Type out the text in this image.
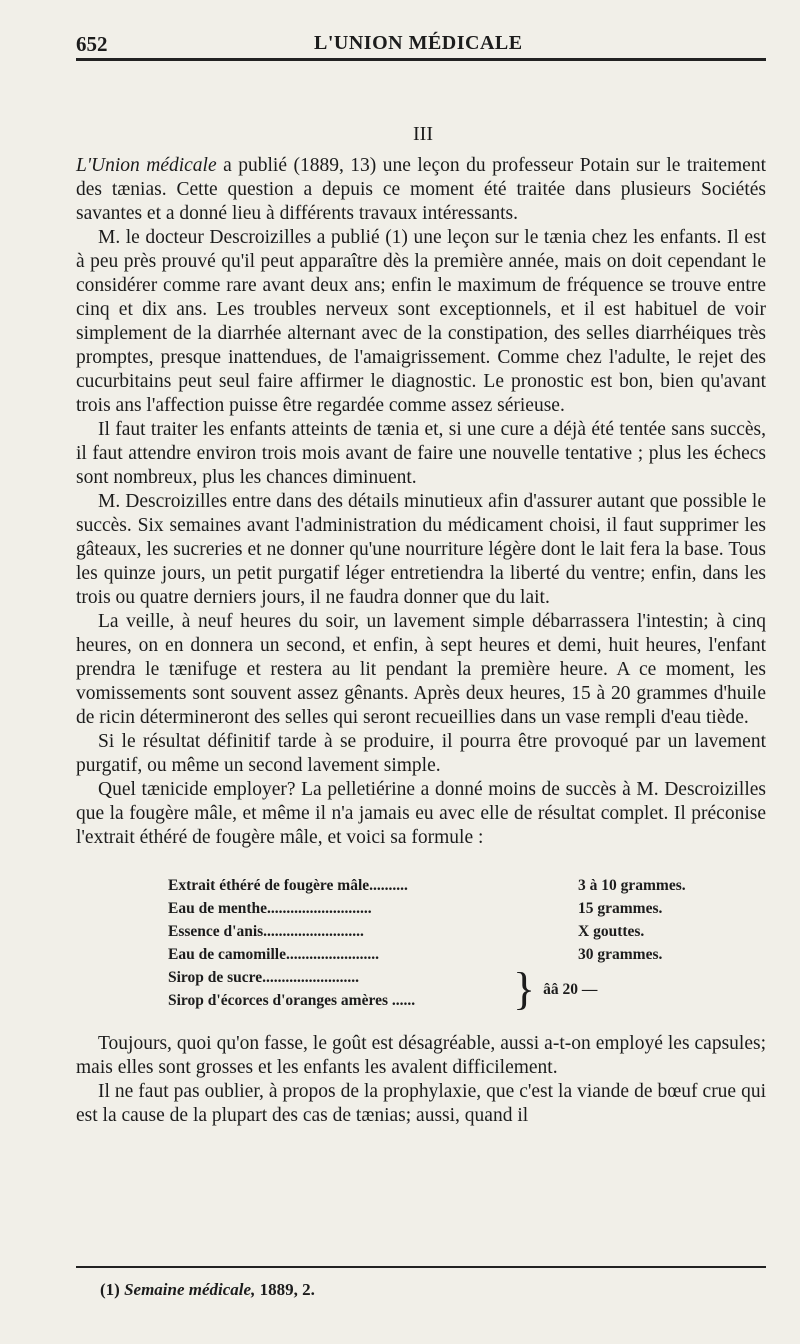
652	L'UNION MÉDICALE
III

L'Union médicale a publié (1889, 13) une leçon du professeur Potain sur le traitement des tænias. Cette question a depuis ce moment été traitée dans plusieurs Sociétés savantes et a donné lieu à différents travaux intéressants.

M. le docteur Descroizilles a publié (1) une leçon sur le tænia chez les enfants. Il est à peu près prouvé qu'il peut apparaître dès la première année, mais on doit cependant le considérer comme rare avant deux ans; enfin le maximum de fréquence se trouve entre cinq et dix ans. Les troubles nerveux sont exceptionnels, et il est habituel de voir simplement de la diarrhée alternant avec de la constipation, des selles diarrhéiques très promptes, presque inattendues, de l'amaigrissement. Comme chez l'adulte, le rejet des cucurbitains peut seul faire affirmer le diagnostic. Le pronostic est bon, bien qu'avant trois ans l'affection puisse être regardée comme assez sérieuse.

Il faut traiter les enfants atteints de tænia et, si une cure a déjà été tentée sans succès, il faut attendre environ trois mois avant de faire une nouvelle tentative ; plus les échecs sont nombreux, plus les chances diminuent.

M. Descroizilles entre dans des détails minutieux afin d'assurer autant que possible le succès. Six semaines avant l'administration du médicament choisi, il faut supprimer les gâteaux, les sucreries et ne donner qu'une nourriture légère dont le lait fera la base. Tous les quinze jours, un petit purgatif léger entretiendra la liberté du ventre; enfin, dans les trois ou quatre derniers jours, il ne faudra donner que du lait.

La veille, à neuf heures du soir, un lavement simple débarrassera l'intestin; à cinq heures, on en donnera un second, et enfin, à sept heures et demi, huit heures, l'enfant prendra le tænifuge et restera au lit pendant la première heure. A ce moment, les vomissements sont souvent assez gênants. Après deux heures, 15 à 20 grammes d'huile de ricin détermineront des selles qui seront recueillies dans un vase rempli d'eau tiède.

Si le résultat définitif tarde à se produire, il pourra être provoqué par un lavement purgatif, ou même un second lavement simple.

Quel tænicide employer? La pelletiérine a donné moins de succès à M. Descroizilles que la fougère mâle, et même il n'a jamais eu avec elle de résultat complet. Il préconise l'extrait éthéré de fougère mâle, et voici sa formule :

Extrait éthéré de fougère mâle..........	3 à 10 grammes.
Eau de menthe...........................	15 grammes.
Essence d'anis..........................	X gouttes.
Eau de camomille........................	30 grammes.
Sirop de sucre.........................
Sirop d'écorces d'oranges amères ......	} ââ 20 —

Toujours, quoi qu'on fasse, le goût est désagréable, aussi a-t-on employé les capsules; mais elles sont grosses et les enfants les avalent difficilement.

Il ne faut pas oublier, à propos de la prophylaxie, que c'est la viande de bœuf crue qui est la cause de la plupart des cas de tænias; aussi, quand il

(1) Semaine médicale, 1889, 2.
